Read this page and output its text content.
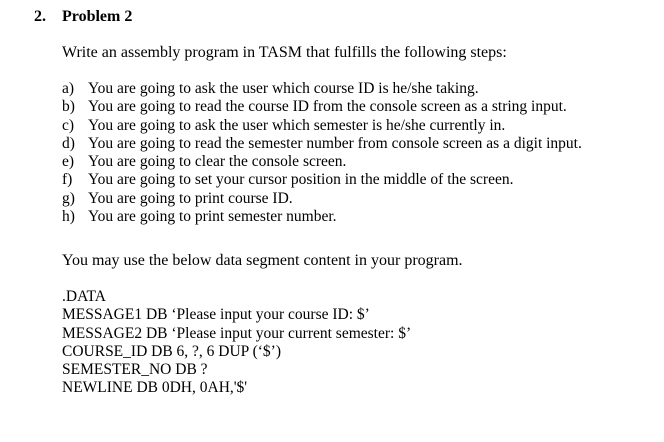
2. Problem 2
Write an assembly program in TASM that fulfills the following steps:
a) You are going to ask the user which course ID is he/she taking.
b) You are going to read the course ID from the console screen as a string input.
c) You are going to ask the user which semester is he/she currently in.
d) You are going to read the semester number from console screen as a digit input.
e) You are going to clear the console screen.
f) You are going to set your cursor position in the middle of the screen.
g) You are going to print course ID.
h) You are going to print semester number.
You may use the below data segment content in your program.
.DATA
MESSAGE1 DB ‘Please input your course ID: $’
MESSAGE2 DB ‘Please input your current semester: $’
COURSE_ID DB 6, ?, 6 DUP (‘$’)
SEMESTER_NO DB ?
NEWLINE DB 0DH, 0AH,'$'
